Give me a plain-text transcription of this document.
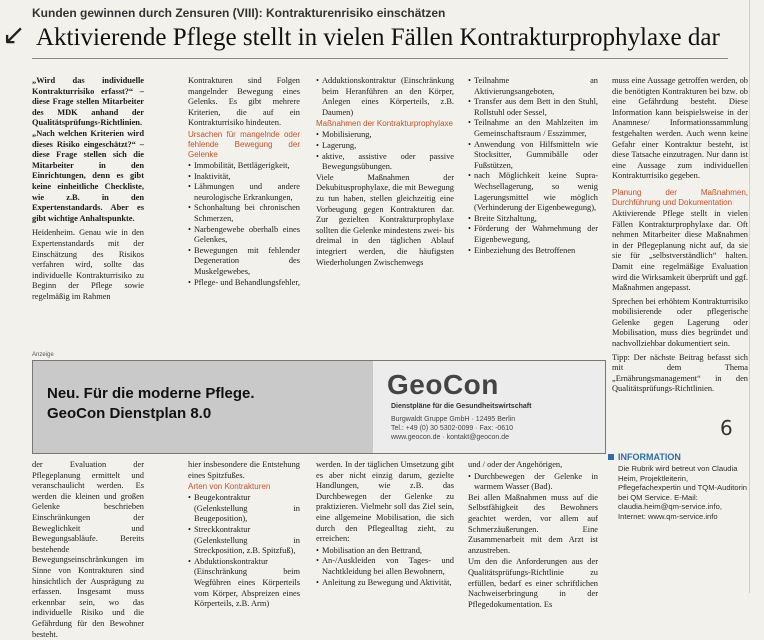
Kunden gewinnen durch Zensuren (VIII): Kontrakturenrisiko einschätzen
↙ Aktivierende Pflege stellt in vielen Fällen Kontrakturprophylaxe dar

„Wird das individuelle Kontrakturrisiko erfasst?“ – diese Frage stellen Mitarbeiter des MDK anhand der Qualitätsprüfungs-Richtlinien. „Nach welchen Kriterien wird dieses Risiko eingeschätzt?“ – diese Frage stellen sich die Mitarbeiter in den Einrichtungen, denn es gibt keine einheitliche Checkliste, wie z.B. in den Expertenstandards. Aber es gibt wichtige Anhaltspunkte.

Heidenheim. Genau wie in den Expertenstandards mit der Einschätzung des Risikos verfahren wird, sollte das individuelle Kontrakturrisiko zu Beginn der Pflege sowie regelmäßig im Rahmen

Kontrakturen sind Folgen mangelnder Bewegung eines Gelenks. Es gibt mehrere Kriterien, die auf ein Kontrakturrisiko hindeuten.

Ursachen für mangelnde oder fehlende Bewegung der Gelenke

• Immobilität, Bettlägerigkeit,
• Inaktivität,
• Lähmungen und andere neurologische Erkrankungen,
• Schonhaltung bei chronischen Schmerzen,
• Narbengewebe oberhalb eines Gelenkes,
• Bewegungen mit fehlender Degeneration des Muskelgewebes,
• Pflege- und Behandlungsfehler,
• Adduktionskontraktur (Einschränkung beim Heranführen an den Körper, Anlegen eines Körperteils, z.B. Daumen)

Maßnahmen der Kontrakturprophylaxe

• Mobilisierung,
• Lagerung,
• aktive, assistive oder passive Bewegungsübungen.

Viele Maßnahmen der Dekubitusprophylaxe, die mit Bewegung zu tun haben, stellen gleichzeitig eine Vorbeugung gegen Kontrakturen dar. Zur gezielten Kontrakturprophylaxe sollten die Gelenke mindestens zwei- bis dreimal in den täglichen Ablauf integriert werden, die häufigsten Wiederholungen Zwischenwegs

• Teilnahme an Aktivierungsangeboten,
• Transfer aus dem Bett in den Stuhl, Rollstuhl oder Sessel,
• Teilnahme an den Mahlzeiten im Gemeinschaftsraum / Esszimmer,
• Anwendung von Hilfsmitteln wie Stocksitter, Gummibälle oder Fußstützen,
• nach Möglichkeit keine Supra-Wechsellagerung, so wenig Lagerungsmittel wie möglich (Verhinderung der Eigenbewegung),
• Breite Sitzhaltung,
• Förderung der Wahrnehmung der Eigenbewegung,
• Einbeziehung des Betroffenen

muss eine Aussage getroffen werden, ob die benötigten Kontrakturen bei bzw. ob eine Gefährdung besteht. Diese Information kann beispielsweise in der Anamnese/ Informationssammlung festgehalten werden. Auch wenn keine Gefahr einer Kontraktur besteht, ist diese Tatsache einzutragen. Nur dann ist eine Aussage zum individuellen Kontrakturrisiko gegeben.

Planung der Maßnahmen, Durchführung und Dokumentation

Aktivierende Pflege stellt in vielen Fällen Kontrakturprophylaxe dar. Oft nehmen Mitarbeiter diese Maßnahmen in der Pflegeplanung nicht auf, da sie sie für „selbstverständlich“ halten. Damit eine regelmäßige Evaluation wird die Wirksamkeit überprüft und ggf. Maßnahmen angepasst.

Sprechen bei erhöhtem Kontrakturrisiko mobilisierende oder pflegerische Gelenke gegen Lagerung oder Mobilisation, muss dies begründet und nachvollziehbar dokumentiert sein.

Tipp: Der nächste Beitrag befasst sich mit dem Thema „Ernährungsmanagement“ in den Qualitätsprüfungs-Richtlinien.

6
Anzeige
Neu. Für die moderne Pflege.
GeoCon Dienstplan 8.0
GeoCon
Dienstpläne für die Gesundheitswirtschaft
Burgwaldt Gruppe GmbH · 12495 Berlin
Tel.: +49 (0) 30 5302-0099 · Fax: -0610
www.geocon.de · kontakt@geocon.de

der Evaluation der Pflegeplanung ermittelt und veranschaulicht werden. Es werden die kleinen und großen Gelenke beschrieben Einschränkungen der Beweglichkeit und Bewegungsabläufe. Bereits bestehende Bewegungseinschränkungen im Sinne von Kontrakturen sind hinsichtlich der Ausprägung zu erfassen. Insgesamt muss erkennbar sein, wo das individuelle Risiko und die Gefährdung für den Bewohner besteht.

hier insbesondere die Entstehung eines Spitzfußes.

Arten von Kontrakturen

• Beugekontraktur (Gelenkstellung in Beugeposition),
• Streckkontraktur (Gelenkstellung in Streckposition, z.B. Spitzfuß),
• Abduktionskontraktur (Einschränkung beim Wegführen eines Körperteils vom Körper, Abspreizen eines Körperteils, z.B. Arm)

werden. In der täglichen Umsetzung gibt es aber nicht einzig darum, gezielte Handlungen, wie z.B. das Durchbewegen der Gelenke zu praktizieren. Vielmehr soll das Ziel sein, eine allgemeine Mobilisation, die sich durch den Pflegealltag zieht, zu erreichen:

• Mobilisation an den Bettrand,
• An-/Auskleiden von Tages- und Nachtkleidung bei allen Bewohnern,
• Anleitung zu Bewegung und Aktivität,

und / oder der Angehörigen,

• Durchbewegen der Gelenke in warmem Wasser (Bad).

Bei allen Maßnahmen muss auf die Selbstfähigkeit des Bewohners geachtet werden, vor allem auf Schmerzäußerungen. Eine Zusammenarbeit mit dem Arzt ist anzustreben.

Um den die Anforderungen aus der Qualitätsprüfungs-Richtlinie zu erfüllen, bedarf es einer schriftlichen Nachweiserbringung in der Pflegedokumentation. Es

INFORMATION
Die Rubrik wird betreut von Claudia Heim, Projektleiterin, Pflegefachexpertin und TQM-Auditorin bei QM Service. E-Mail: claudia.heim@qm-service.info, Internet: www.qm-service.info
